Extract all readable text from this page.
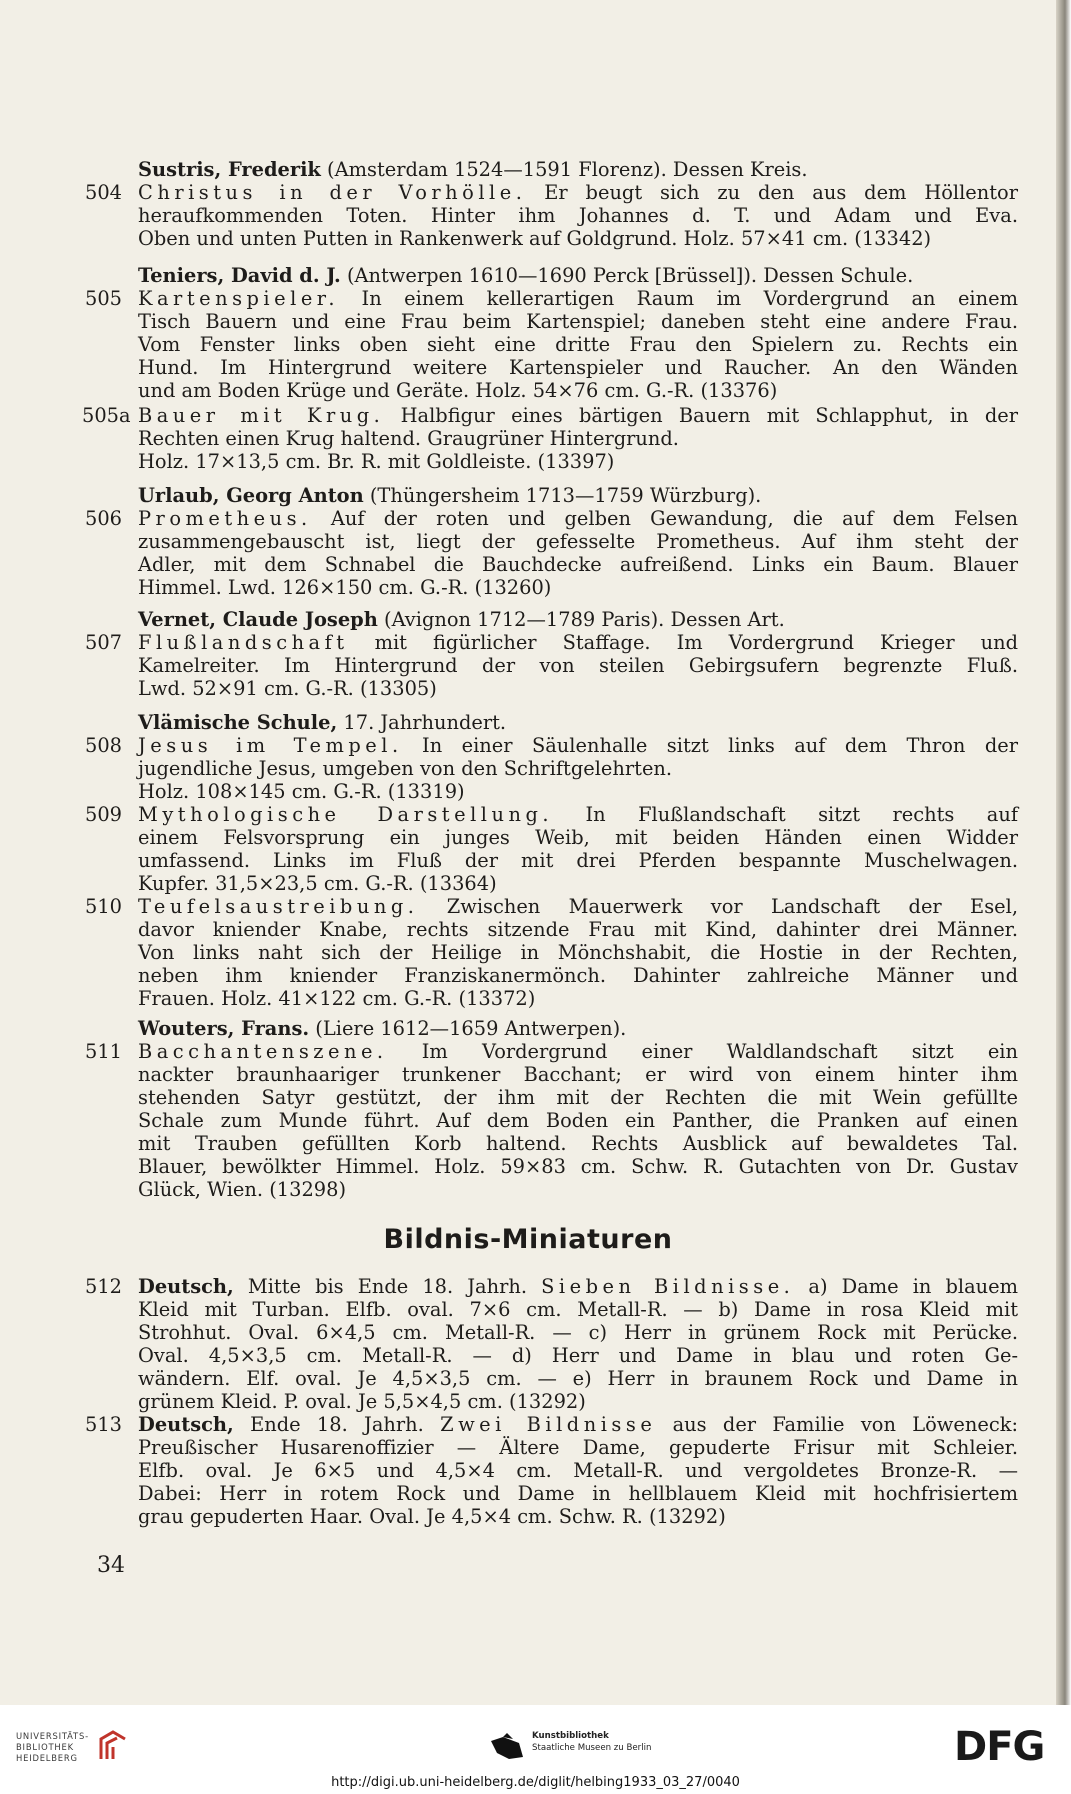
Sustris, Frederik (Amsterdam 1524—1591 Florenz). Dessen Kreis.
504 Christus in der Vorhölle. Er beugt sich zu den aus dem Höllentor
heraufkommenden Toten. Hinter ihm Johannes d. T. und Adam und Eva.
Oben und unten Putten in Rankenwerk auf Goldgrund. Holz. 57×41 cm. (13342)
Teniers, David d. J. (Antwerpen 1610—1690 Perck [Brüssel]). Dessen Schule.
505 Kartenspieler. In einem kellerartigen Raum im Vordergrund an einem
Tisch Bauern und eine Frau beim Kartenspiel; daneben steht eine andere Frau.
Vom Fenster links oben sieht eine dritte Frau den Spielern zu. Rechts ein
Hund. Im Hintergrund weitere Kartenspieler und Raucher. An den Wänden
und am Boden Krüge und Geräte. Holz. 54×76 cm. G.-R. (13376)
505a Bauer mit Krug. Halbfigur eines bärtigen Bauern mit Schlapphut, in der
Rechten einen Krug haltend. Graugrüner Hintergrund.
Holz. 17×13,5 cm. Br. R. mit Goldleiste. (13397)
Urlaub, Georg Anton (Thüngersheim 1713—1759 Würzburg).
506 Prometheus. Auf der roten und gelben Gewandung, die auf dem Felsen
zusammengebauscht ist, liegt der gefesselte Prometheus. Auf ihm steht der
Adler, mit dem Schnabel die Bauchdecke aufreißend. Links ein Baum. Blauer
Himmel. Lwd. 126×150 cm. G.-R. (13260)
Vernet, Claude Joseph (Avignon 1712—1789 Paris). Dessen Art.
507 Flußlandschaft mit figürlicher Staffage. Im Vordergrund Krieger und
Kamelreiter. Im Hintergrund der von steilen Gebirgsufern begrenzte Fluß.
Lwd. 52×91 cm. G.-R. (13305)
Vlämische Schule, 17. Jahrhundert.
508 Jesus im Tempel. In einer Säulenhalle sitzt links auf dem Thron der
jugendliche Jesus, umgeben von den Schriftgelehrten.
Holz. 108×145 cm. G.-R. (13319)
509 Mythologische Darstellung. In Flußlandschaft sitzt rechts auf
einem Felsvorsprung ein junges Weib, mit beiden Händen einen Widder
umfassend. Links im Fluß der mit drei Pferden bespannte Muschelwagen.
Kupfer. 31,5×23,5 cm. G.-R. (13364)
510 Teufelsaustreibung. Zwischen Mauerwerk vor Landschaft der Esel,
davor kniender Knabe, rechts sitzende Frau mit Kind, dahinter drei Männer.
Von links naht sich der Heilige in Mönchshabit, die Hostie in der Rechten,
neben ihm kniender Franziskanermönch. Dahinter zahlreiche Männer und
Frauen. Holz. 41×122 cm. G.-R. (13372)
Wouters, Frans. (Liere 1612—1659 Antwerpen).
511 Bacchantenszene. Im Vordergrund einer Waldlandschaft sitzt ein
nackter braunhaariger trunkener Bacchant; er wird von einem hinter ihm
stehenden Satyr gestützt, der ihm mit der Rechten die mit Wein gefüllte
Schale zum Munde führt. Auf dem Boden ein Panther, die Pranken auf einen
mit Trauben gefüllten Korb haltend. Rechts Ausblick auf bewaldetes Tal.
Blauer, bewölkter Himmel. Holz. 59×83 cm. Schw. R. Gutachten von Dr. Gustav
Glück, Wien. (13298)
Bildnis-Miniaturen
512 Deutsch, Mitte bis Ende 18. Jahrh. Sieben Bildnisse. a) Dame in blauem
Kleid mit Turban. Elfb. oval. 7×6 cm. Metall-R. — b) Dame in rosa Kleid mit
Strohhut. Oval. 6×4,5 cm. Metall-R. — c) Herr in grünem Rock mit Perücke.
Oval. 4,5×3,5 cm. Metall-R. — d) Herr und Dame in blau und roten Ge-
wändern. Elf. oval. Je 4,5×3,5 cm. — e) Herr in braunem Rock und Dame in
grünem Kleid. P. oval. Je 5,5×4,5 cm. (13292)
513 Deutsch, Ende 18. Jahrh. Zwei Bildnisse aus der Familie von Löweneck:
Preußischer Husarenoffizier — Ältere Dame, gepuderte Frisur mit Schleier.
Elfb. oval. Je 6×5 und 4,5×4 cm. Metall-R. und vergoldetes Bronze-R. —
Dabei: Herr in rotem Rock und Dame in hellblauem Kleid mit hochfrisiertem
grau gepuderten Haar. Oval. Je 4,5×4 cm. Schw. R. (13292)
34
UNIVERSITÄTS-
BIBLIOTHEK
HEIDELBERG
Kunstbibliothek
Staatliche Museen zu Berlin	DFG
http://digi.ub.uni-heidelberg.de/diglit/helbing1933_03_27/0040
